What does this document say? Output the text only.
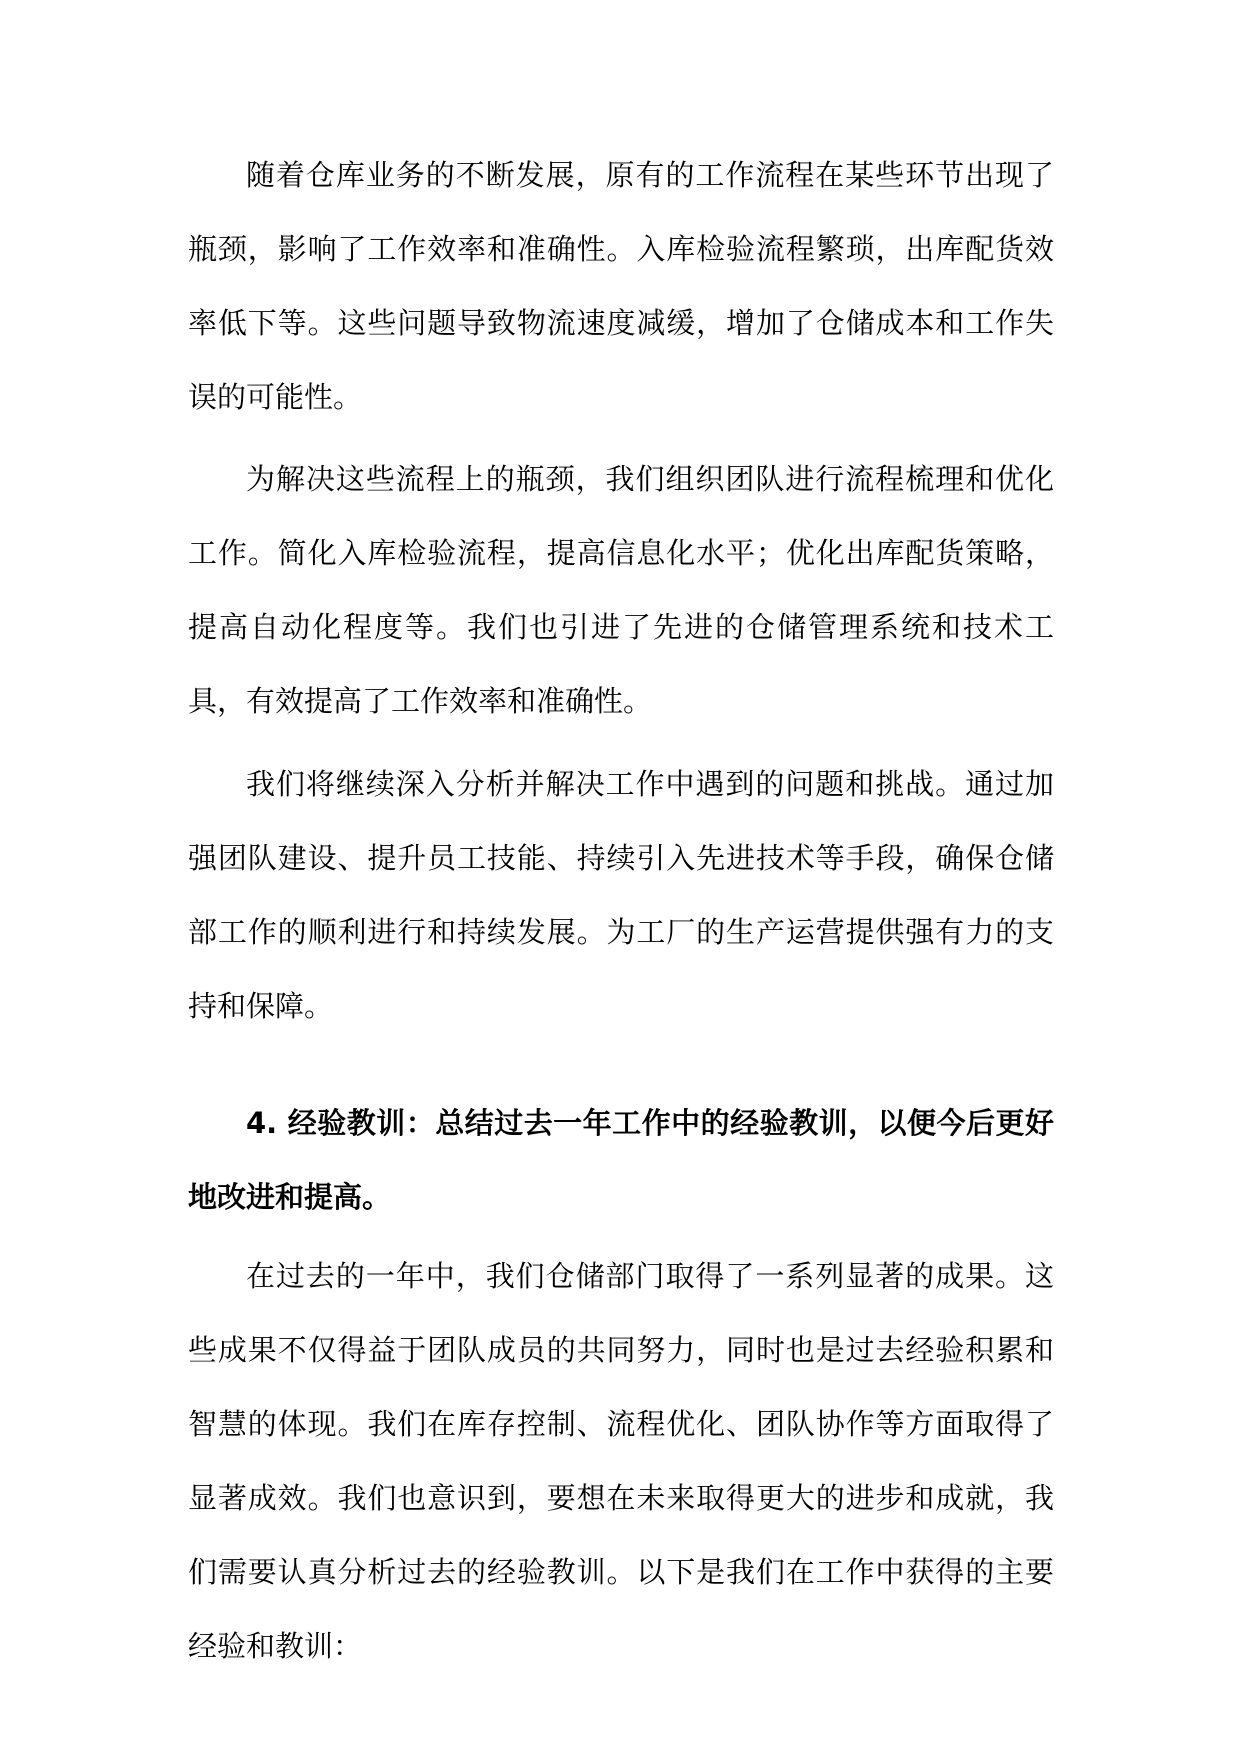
随着仓库业务的不断发展，原有的工作流程在某些环节出现了瓶颈，影响了工作效率和准确性。入库检验流程繁琐，出库配货效率低下等。这些问题导致物流速度减缓，增加了仓储成本和工作失误的可能性。

为解决这些流程上的瓶颈，我们组织团队进行流程梳理和优化工作。简化入库检验流程，提高信息化水平；优化出库配货策略，提高自动化程度等。我们也引进了先进的仓储管理系统和技术工具，有效提高了工作效率和准确性。

我们将继续深入分析并解决工作中遇到的问题和挑战。通过加强团队建设、提升员工技能、持续引入先进技术等手段，确保仓储部工作的顺利进行和持续发展。为工厂的生产运营提供强有力的支持和保障。

4. 经验教训：总结过去一年工作中的经验教训，以便今后更好地改进和提高。

在过去的一年中，我们仓储部门取得了一系列显著的成果。这些成果不仅得益于团队成员的共同努力，同时也是过去经验积累和智慧的体现。我们在库存控制、流程优化、团队协作等方面取得了显著成效。我们也意识到，要想在未来取得更大的进步和成就，我们需要认真分析过去的经验教训。以下是我们在工作中获得的主要经验和教训：
